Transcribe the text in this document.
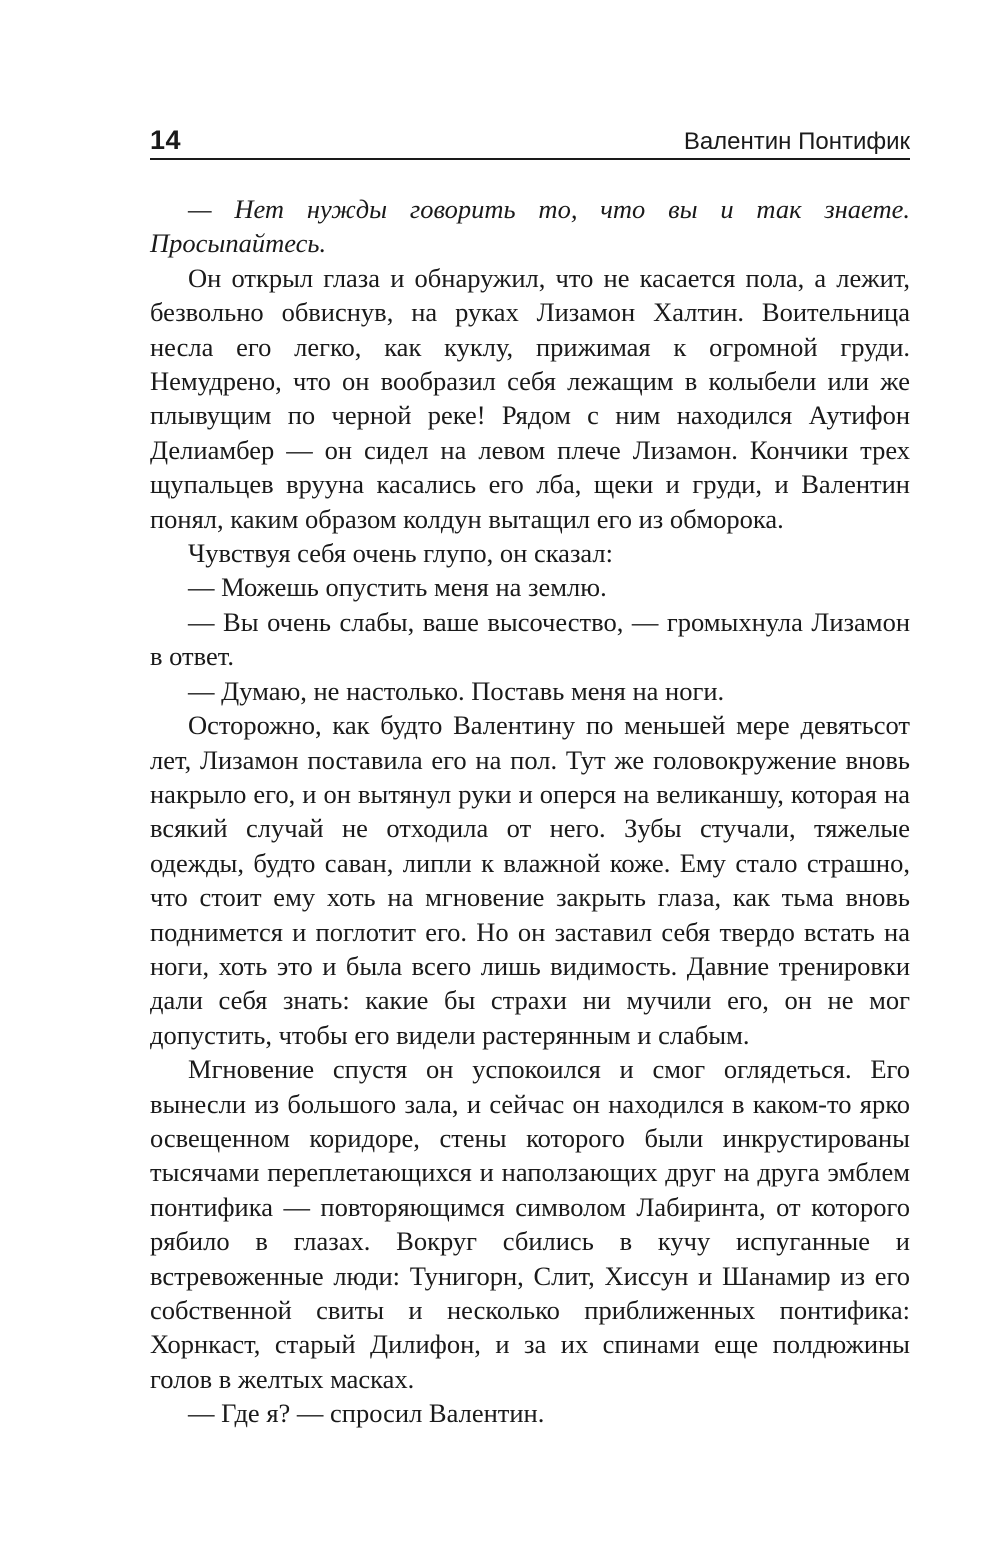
14	Валентин Понтифик

— Нет нужды говорить то, что вы и так знаете. Просыпайтесь.

Он открыл глаза и обнаружил, что не касается пола, а лежит, безвольно обвиснув, на руках Лизамон Халтин. Воительница несла его легко, как куклу, прижимая к огромной груди. Немудрено, что он вообразил себя лежащим в колыбели или же плывущим по черной реке! Рядом с ним находился Аутифон Делиамбер — он сидел на левом плече Лизамон. Кончики трех щупальцев врууна касались его лба, щеки и груди, и Валентин понял, каким образом колдун вытащил его из обморока.

Чувствуя себя очень глупо, он сказал:

— Можешь опустить меня на землю.

— Вы очень слабы, ваше высочество, — громыхнула Лизамон в ответ.

— Думаю, не настолько. Поставь меня на ноги.

Осторожно, как будто Валентину по меньшей мере девятьсот лет, Лизамон поставила его на пол. Тут же головокружение вновь накрыло его, и он вытянул руки и оперся на великаншу, которая на всякий случай не отходила от него. Зубы стучали, тяжелые одежды, будто саван, липли к влажной коже. Ему стало страшно, что стоит ему хоть на мгновение закрыть глаза, как тьма вновь поднимется и поглотит его. Но он заставил себя твердо встать на ноги, хоть это и была всего лишь видимость. Давние тренировки дали себя знать: какие бы страхи ни мучили его, он не мог допустить, чтобы его видели растерянным и слабым.

Мгновение спустя он успокоился и смог оглядеться. Его вынесли из большого зала, и сейчас он находился в каком-то ярко освещенном коридоре, стены которого были инкрустированы тысячами переплетающихся и наползающих друг на друга эмблем понтифика — повторяющимся символом Лабиринта, от которого рябило в глазах. Вокруг сбились в кучу испуганные и встревоженные люди: Тунигорн, Слит, Хиссун и Шанамир из его собственной свиты и несколько приближенных понтифика: Хорнкаст, старый Дилифон, и за их спинами еще полдюжины голов в желтых масках.

— Где я? — спросил Валентин.
